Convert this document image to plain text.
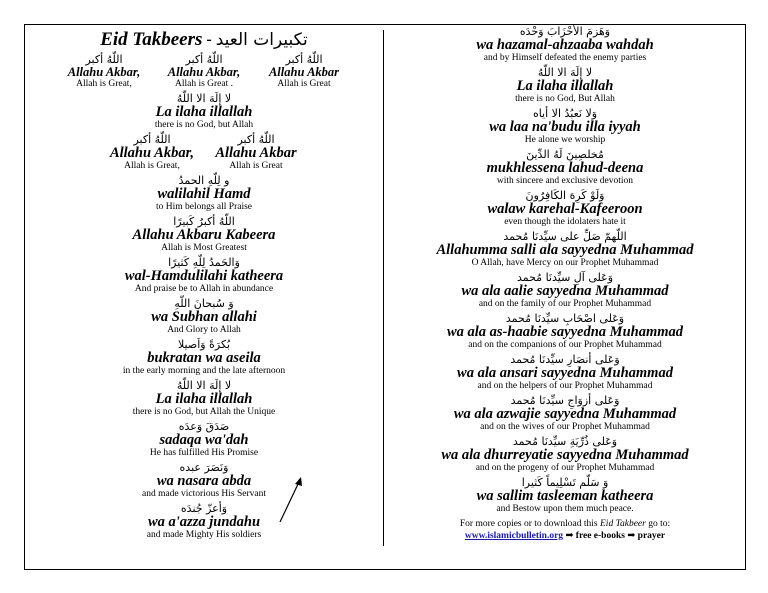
Eid Takbeers - تكبيرات العيد
اللّهُ أكبر
Allahu Akbar,
Allah is Great,
اللّهُ أكبر
Allahu Akbar,
Allah is Great .
اللّهُ أكبر
Allahu Akbar
Allah is Great
لا إلَهَ الا اللّهُ
La ilaha illallah
there is no God, but Allah
اللّهُ أكبر
Allahu Akbar,
Allah is Great,
اللّهُ أكبر
Allahu Akbar
Allah is Great
و لِلّهِ الحمدُ
walilahil Hamd
to Him belongs all Praise
اللّهُ أكبرُ كَبيرًا
Allahu Akbaru Kabeera
Allah is Most Greatest
وَالحَمدُ لِلّهِ كَثيرًا
wal-Hamdulilahi katheera
And praise be to Allah in abundance
وَ سُبحانَ اللّهِ
wa Subhan allahi
And Glory to Allah
بُكرَةً وَاَصيلا
bukratan wa aseila
in the early morning and the late afternoon
لا إلَهَ الا اللّهُ
La ilaha illallah
there is no God, but Allah the Unique
صَدَقَ وَعدَه
sadaqa wa'dah
He has fulfilled His Promise
وَنَصَرَ عبده
wa nasara abda
and made victorious His Servant
وَأعزّ جُندَه
wa a'azza jundahu
and made Mighty His soldiers
وَهَزمَ الأحْزَابَ وَحْدَه
wa hazamal-ahzaaba wahdah
and by Himself defeated the enemy parties
لا إلَهَ الا اللّهُ
La ilaha illallah
there is no God, But Allah
وَلا نَعبُدُ الا أياه
wa laa na'budu illa iyyah
He alone we worship
مُخلصِينَ لَهُ الدِّينَ
mukhlessena lahud-deena
with sincere and exclusive devotion
وَلَوْ كَرِهَ الكَافِرُونَ
walaw karehal-Kafeeroon
even though the idolaters hate it
اللّهمّ صَلِّ على سيِّدنَا مُحمد
Allahumma salli ala sayyedna Muhammad
O Allah, have Mercy on our Prophet Muhammad
وَعَلى آلِ سيِّدنَا مُحمد
wa ala aalie sayyedna Muhammad
and on the family of our Prophet Muhammad
وَعَلى اصْحَابِ سيِّدنَا مُحمد
wa ala as-haabie sayyedna Muhammad
and on the companions of our Prophet Muhammad
وَعَلى أنصَارِ سيِّدنَا مُحمد
wa ala ansari sayyedna Muhammad
and on the helpers of our Prophet Muhammad
وَعَلى أزوَاجِ سيِّدنَا مُحمد
wa ala azwajie sayyedna Muhammad
and on the wives of our Prophet Muhammad
وَعَلى ذُرِّيَةِ سيِّدنَا مُحمد
wa ala dhurreyatie sayyedna Muhammad
and on the progeny of our Prophet Muhammad
وَ سَلّم تَسْلِيماً كَثيرا
wa sallim tasleeman katheera
and Bestow upon them much peace.
For more copies or to download this Eid Takbeer go to:
www.islamicbulletin.org ➡ free e-books ➡ prayer
